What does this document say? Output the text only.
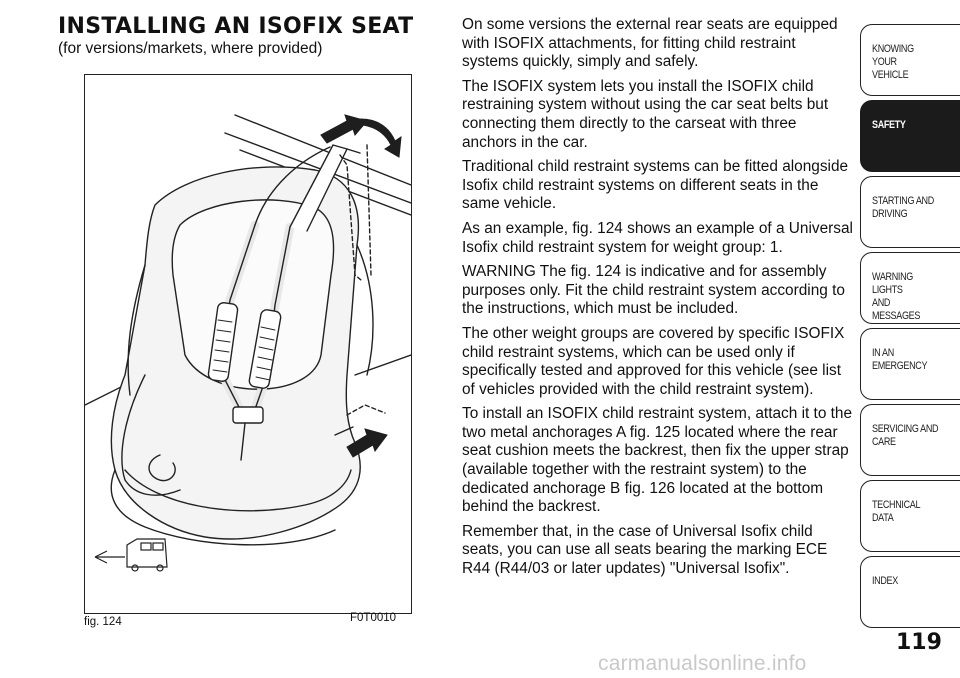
INSTALLING AN ISOFIX SEAT
(for versions/markets, where provided)
fig. 124	F0T0010

On some versions the external rear seats are equipped with ISOFIX attachments, for fitting child restraint systems quickly, simply and safely.

The ISOFIX system lets you install the ISOFIX child restraining system without using the car seat belts but connecting them directly to the carseat with three anchors in the car.

Traditional child restraint systems can be fitted alongside Isofix child restraint systems on different seats in the same vehicle.

As an example, fig. 124 shows an example of a Universal Isofix child restraint system for weight group: 1.

WARNING The fig. 124 is indicative and for assembly purposes only. Fit the child restraint system according to the instructions, which must be included.

The other weight groups are covered by specific ISOFIX child restraint systems, which can be used only if specifically tested and approved for this vehicle (see list of vehicles provided with the child restraint system).

To install an ISOFIX child restraint system, attach it to the two metal anchorages A fig. 125 located where the rear seat cushion meets the backrest, then fix the upper strap (available together with the restraint system) to the dedicated anchorage B fig. 126 located at the bottom behind the backrest.

Remember that, in the case of Universal Isofix child seats, you can use all seats bearing the marking ECE R44 (R44/03 or later updates) "Universal Isofix".

KNOWING YOUR
VEHICLE
SAFETY
STARTING AND
DRIVING
WARNING LIGHTS
AND MESSAGES
IN AN EMERGENCY
SERVICING AND
CARE
TECHNICAL DATA
INDEX
119
carmanualsonline.info
